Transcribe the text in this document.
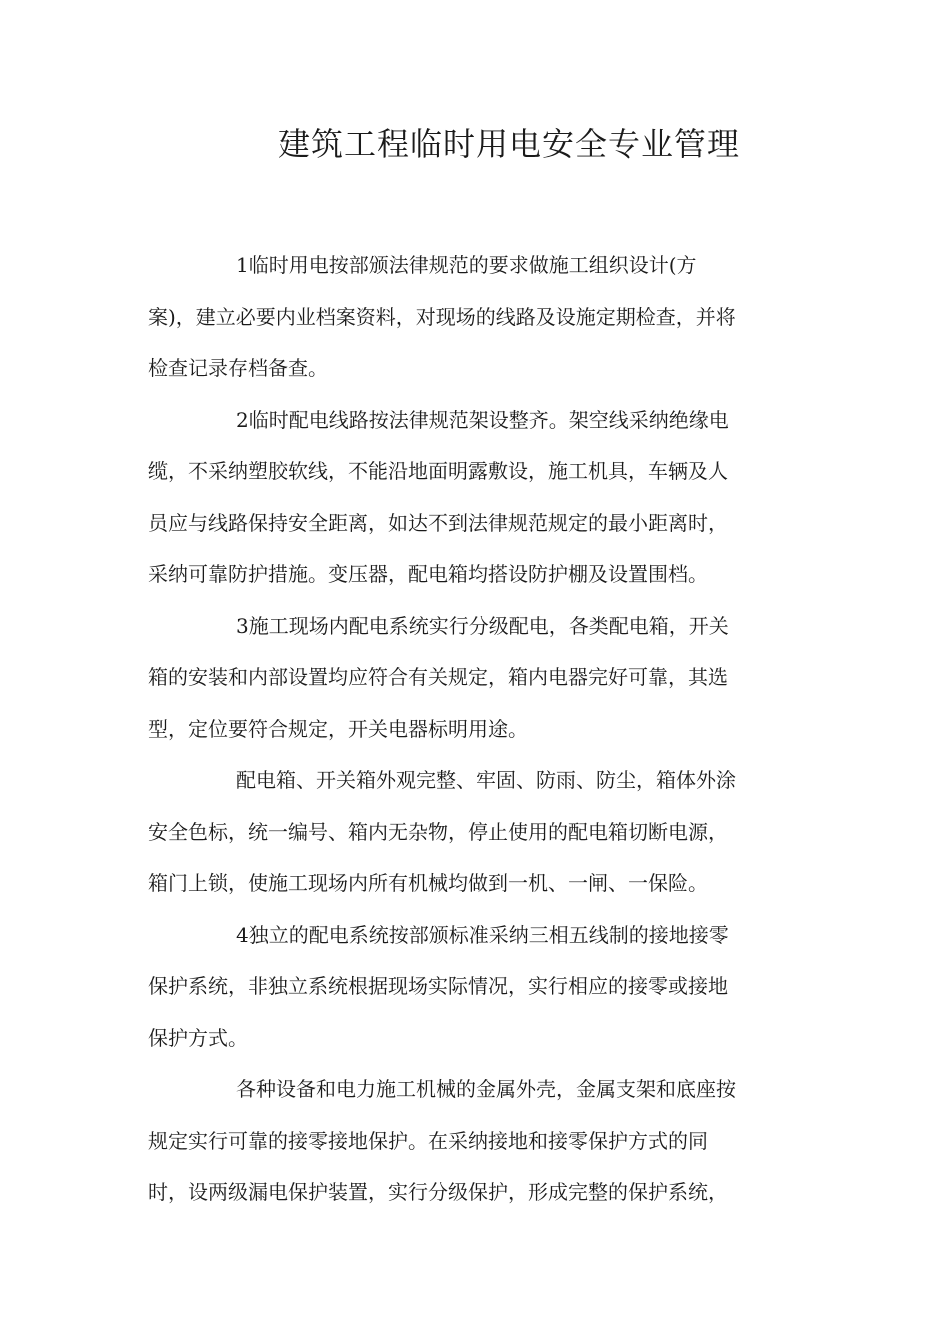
建筑工程临时用电安全专业管理

1临时用电按部颁法律规范的要求做施工组织设计(方
案)，建立必要内业档案资料，对现场的线路及设施定期检查，并将
检查记录存档备查。

2临时配电线路按法律规范架设整齐。架空线采纳绝缘电
缆，不采纳塑胶软线，不能沿地面明露敷设，施工机具，车辆及人
员应与线路保持安全距离，如达不到法律规范规定的最小距离时，
采纳可靠防护措施。变压器，配电箱均搭设防护棚及设置围档。

3施工现场内配电系统实行分级配电，各类配电箱，开关
箱的安装和内部设置均应符合有关规定，箱内电器完好可靠，其选
型，定位要符合规定，开关电器标明用途。

配电箱、开关箱外观完整、牢固、防雨、防尘，箱体外涂
安全色标，统一编号、箱内无杂物，停止使用的配电箱切断电源，
箱门上锁，使施工现场内所有机械均做到一机、一闸、一保险。

4独立的配电系统按部颁标准采纳三相五线制的接地接零
保护系统，非独立系统根据现场实际情况，实行相应的接零或接地
保护方式。

各种设备和电力施工机械的金属外壳，金属支架和底座按
规定实行可靠的接零接地保护。在采纳接地和接零保护方式的同
时，设两级漏电保护装置，实行分级保护，形成完整的保护系统，
